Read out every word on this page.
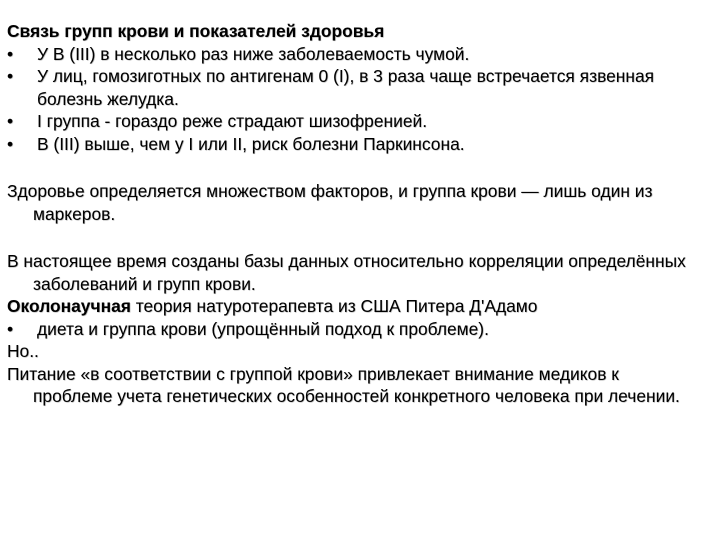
Связь групп крови и показателей здоровья
• У В (III) в несколько раз ниже заболеваемость чумой.
• У лиц, гомозиготных по антигенам 0 (I), в 3 раза чаще встречается язвенная болезнь желудка.
• I группа - гораздо реже страдают шизофренией.
• В (III) выше, чем у I или II, риск болезни Паркинсона.

Здоровье определяется множеством факторов, и группа крови — лишь один из маркеров.

В настоящее время созданы базы данных относительно корреляции определённых заболеваний и групп крови.

Околонаучная теория натуротерапевта из США Питера Д'Адамо

• диета и группа крови (упрощённый подход к проблеме).

Но..

Питание «в соответствии с группой крови» привлекает внимание медиков к проблеме учета генетических особенностей конкретного человека при лечении.
